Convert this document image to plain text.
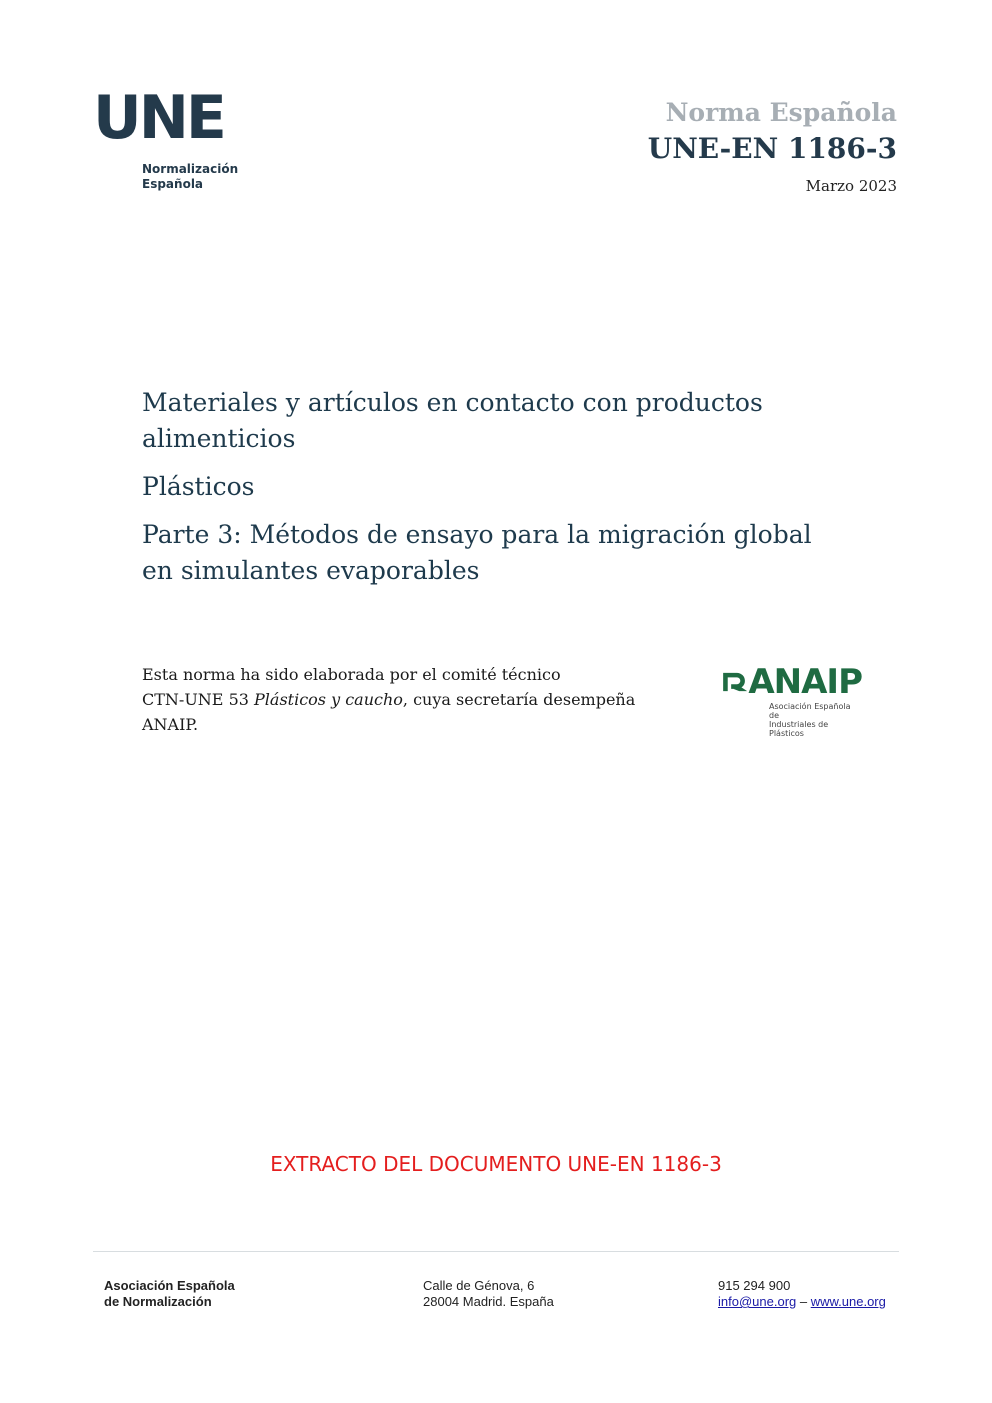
UNE
Normalización
Española
Norma Española
UNE-EN 1186-3
Marzo 2023
Materiales y artículos en contacto con productos
alimenticios
Plásticos
Parte 3: Métodos de ensayo para la migración global
en simulantes evaporables
Esta norma ha sido elaborada por el comité técnico
CTN-UNE 53 Plásticos y caucho, cuya secretaría desempeña
ANAIP.
ANAIP
Asociación Española de
Industriales de Plásticos
EXTRACTO DEL DOCUMENTO UNE-EN 1186-3
Asociación Española
de Normalización
Calle de Génova, 6
28004 Madrid. España
915 294 900
info@une.org – www.une.org
